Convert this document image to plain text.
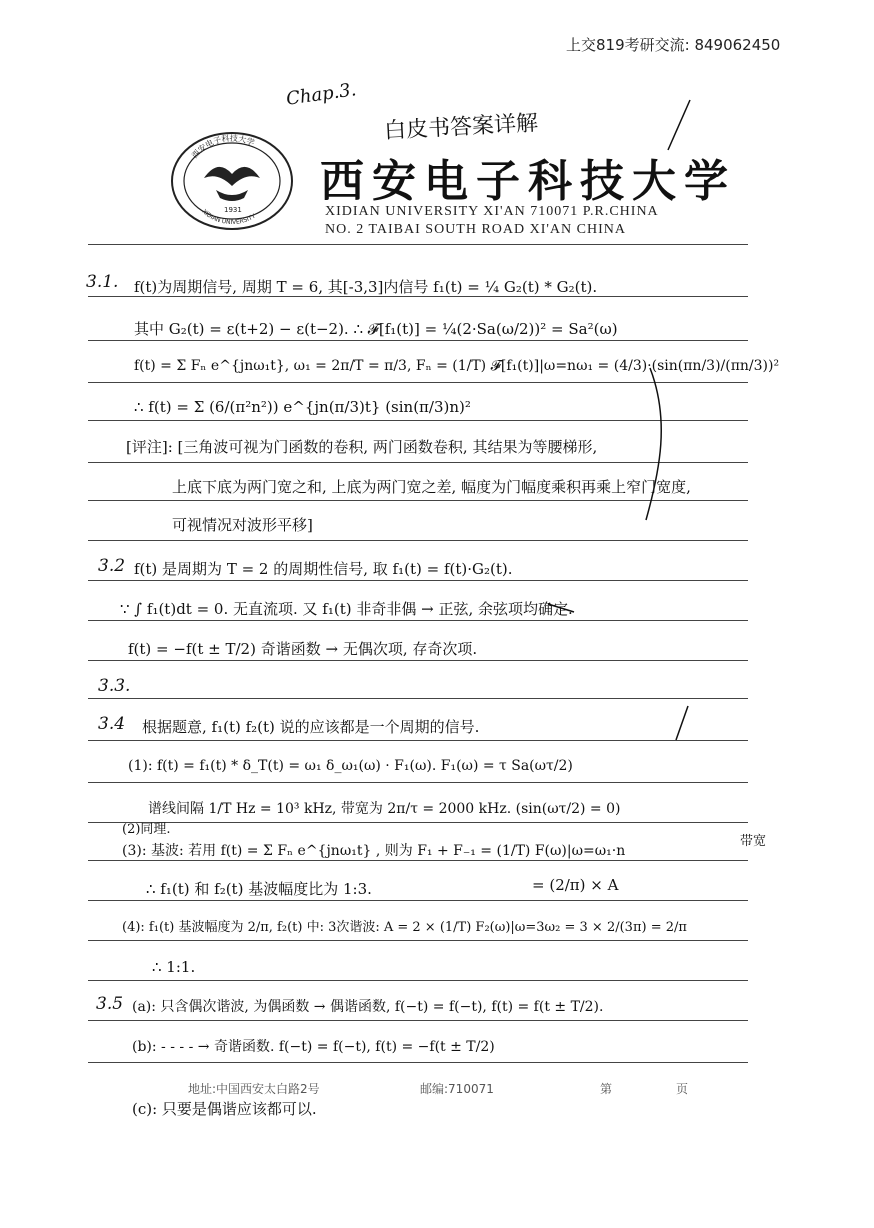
上交819考研交流: 849062450
Chap.3.
白皮书答案详解
西安电子科技大学
XIDIAN UNIVERSITY
1931
西安电子科技大学
XIDIAN UNIVERSITY XI'AN 710071 P.R.CHINA
NO. 2 TAIBAI SOUTH ROAD XI'AN CHINA
3.1. f(t)为周期信号, 周期 T = 6, 其[-3,3]内信号 f₁(t) = ¼ G₂(t) * G₂(t).
其中 G₂(t) = ε(t+2) − ε(t−2). ∴ 𝓕[f₁(t)] = ¼(2·Sa(ω/2))² = Sa²(ω)
f(t) = Σ Fₙ e^{jnω₁t}, ω₁ = 2π/T = π/3, Fₙ = (1/T) 𝓕[f₁(t)]|ω=nω₁ = (4/3)·(sin(πn/3)/(πn/3))²
∴ f(t) = Σ (6/(π²n²)) e^{jn(π/3)t} (sin(π/3)n)²
[评注]: [三角波可视为门函数的卷积, 两门函数卷积, 其结果为等腰梯形,
上底下底为两门宽之和, 上底为两门宽之差, 幅度为门幅度乘积再乘上窄门宽度,
可视情况对波形平移]
3.2 f(t) 是周期为 T = 2 的周期性信号, 取 f₁(t) = f(t)·G₂(t).
∵ ∫ f₁(t)dt = 0. 无直流项. 又 f₁(t) 非奇非偶 → 正弦, 余弦项均确定.
f(t) = −f(t ± T/2) 奇谐函数 → 无偶次项, 存奇次项.
3.3.
3.4 根据题意, f₁(t) f₂(t) 说的应该都是一个周期的信号.
(1): f(t) = f₁(t) * δ_T(t) = ω₁ δ_ω₁(ω) · F₁(ω). F₁(ω) = τ Sa(ωτ/2)
谱线间隔 1/T Hz = 10³ kHz, 带宽为 2π/τ = 2000 kHz. (sin(ωτ/2) = 0)
带宽
(2)同理.
(3): 基波: 若用 f(t) = Σ Fₙ e^{jnω₁t} , 则为 F₁ + F₋₁ = (1/T) F(ω)|ω=ω₁·n
= (2/π) × A
∴ f₁(t) 和 f₂(t) 基波幅度比为 1:3.
(4): f₁(t) 基波幅度为 2/π, f₂(t) 中: 3次谐波: A = 2 × (1/T) F₂(ω)|ω=3ω₂ = 3 × 2/(3π) = 2/π
∴ 1:1.
3.5 (a): 只含偶次谐波, 为偶函数 → 偶谐函数, f(−t) = f(−t), f(t) = f(t ± T/2).
(b): - - - - → 奇谐函数. f(−t) = f(−t), f(t) = −f(t ± T/2)
(c): 只要是偶谐应该都可以.
地址:中国西安太白路2号	邮编:710071	第	页
